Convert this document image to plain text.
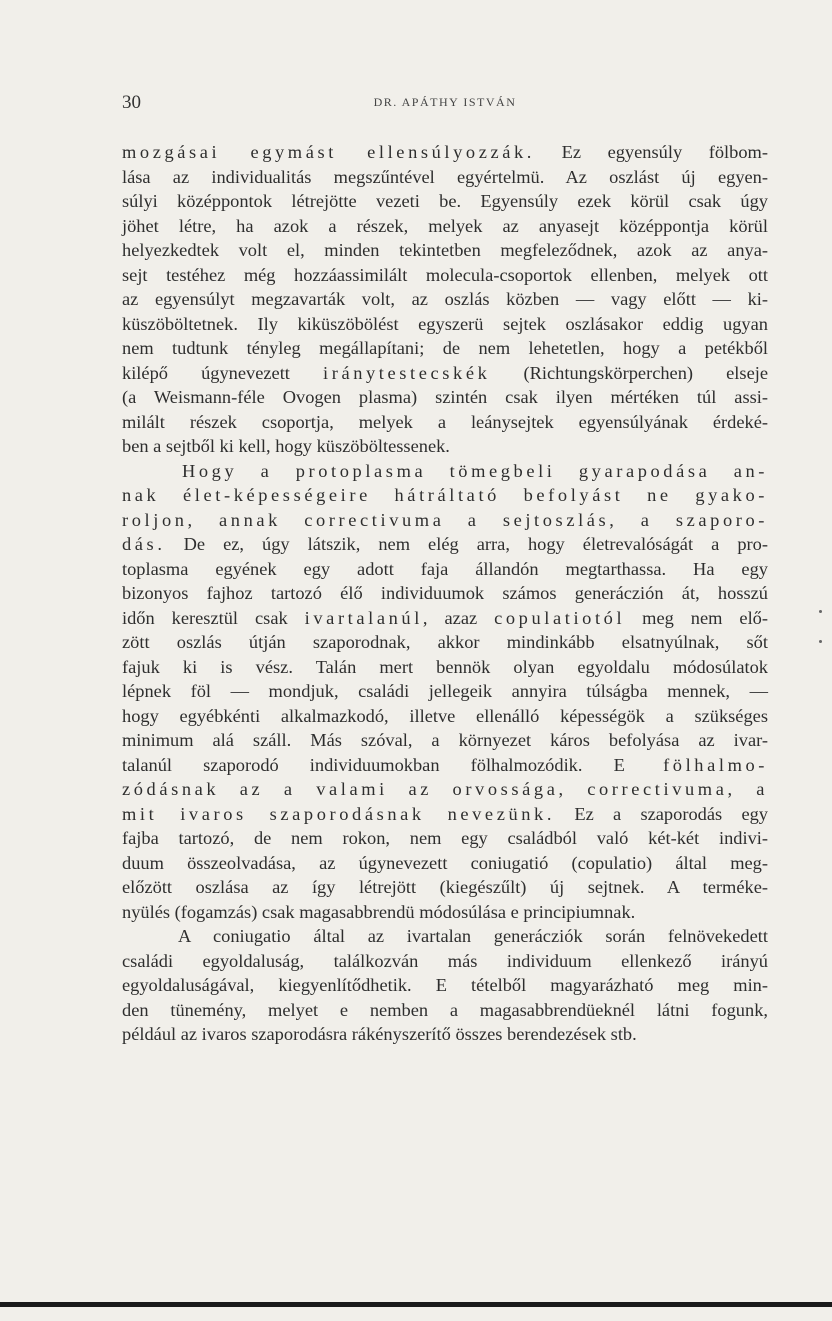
30	DR. APÁTHY ISTVÁN
mozgásai egymást ellensúlyozzák. Ez egyensúly fölbom-
lása az individualitás megszűntével egyértelmü. Az oszlást új egyen-
súlyi középpontok létrejötte vezeti be. Egyensúly ezek körül csak úgy
jöhet létre, ha azok a részek, melyek az anyasejt középpontja körül
helyezkedtek volt el, minden tekintetben megfeleződnek, azok az anya-
sejt testéhez még hozzáassimilált molecula-csoportok ellenben, melyek ott
az egyensúlyt megzavarták volt, az oszlás közben — vagy előtt — ki-
küszöböltetnek. Ily kiküszöbölést egyszerü sejtek oszlásakor eddig ugyan
nem tudtunk tényleg megállapítani; de nem lehetetlen, hogy a petékből
kilépő úgynevezett iránytestecskék (Richtungskörperchen) elseje
(a Weismann-féle Ovogen plasma) szintén csak ilyen mértéken túl assi-
milált részek csoportja, melyek a leánysejtek egyensúlyának érdeké-
ben a sejtből ki kell, hogy küszöböltessenek.
Hogy a protoplasma tömegbeli gyarapodása an-
nak élet-képességeire hátráltató befolyást ne gyako-
roljon, annak correctivuma a sejtoszlás, a szaporo-
dás. De ez, úgy látszik, nem elég arra, hogy életrevalóságát a pro-
toplasma egyének egy adott faja állandón megtarthassa. Ha egy
bizonyos fajhoz tartozó élő individuumok számos generáczión át, hosszú
időn keresztül csak ivartalanúl, azaz copulatiotól meg nem elő-
zött oszlás útján szaporodnak, akkor mindinkább elsatnyúlnak, sőt
fajuk ki is vész. Talán mert bennök olyan egyoldalu módosúlatok
lépnek föl — mondjuk, családi jellegeik annyira túlságba mennek, —
hogy egyébkénti alkalmazkodó, illetve ellenálló képességök a szükséges
minimum alá száll. Más szóval, a környezet káros befolyása az ivar-
talanúl szaporodó individuumokban fölhalmozódik. E fölhalmo-
zódásnak az a valami az orvossága, correctivuma, a
mit ivaros szaporodásnak nevezünk. Ez a szaporodás egy
fajba tartozó, de nem rokon, nem egy családból való két-két indivi-
duum összeolvadása, az úgynevezett coniugatió (copulatio) által meg-
előzött oszlása az így létrejött (kiegészűlt) új sejtnek. A terméke-
nyülés (fogamzás) csak magasabbrendü módosúlása e principiumnak.
A coniugatio által az ivartalan generácziók során felnövekedett
családi egyoldaluság, találkozván más individuum ellenkező irányú
egyoldaluságával, kiegyenlítődhetik. E tételből magyarázható meg min-
den tünemény, melyet e nemben a magasabbrendüeknél látni fogunk,
például az ivaros szaporodásra rákényszerítő összes berendezések stb.
